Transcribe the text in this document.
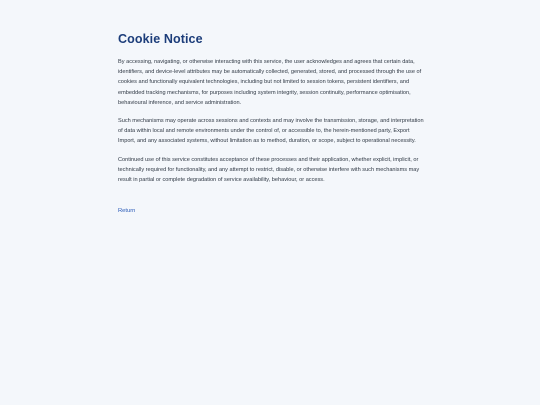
Cookie Notice

By accessing, navigating, or otherwise interacting with this service, the user acknowledges and agrees that certain data, identifiers, and device-level attributes may be automatically collected, generated, stored, and processed through the use of cookies and functionally equivalent technologies, including but not limited to session tokens, persistent identifiers, and embedded tracking mechanisms, for purposes including system integrity, session continuity, performance optimisation, behavioural inference, and service administration.

Such mechanisms may operate across sessions and contexts and may involve the transmission, storage, and interpretation of data within local and remote environments under the control of, or accessible to, the herein-mentioned party, Export Import, and any associated systems, without limitation as to method, duration, or scope, subject to operational necessity.

Continued use of this service constitutes acceptance of these processes and their application, whether explicit, implicit, or technically required for functionality, and any attempt to restrict, disable, or otherwise interfere with such mechanisms may result in partial or complete degradation of service availability, behaviour, or access.

Return
